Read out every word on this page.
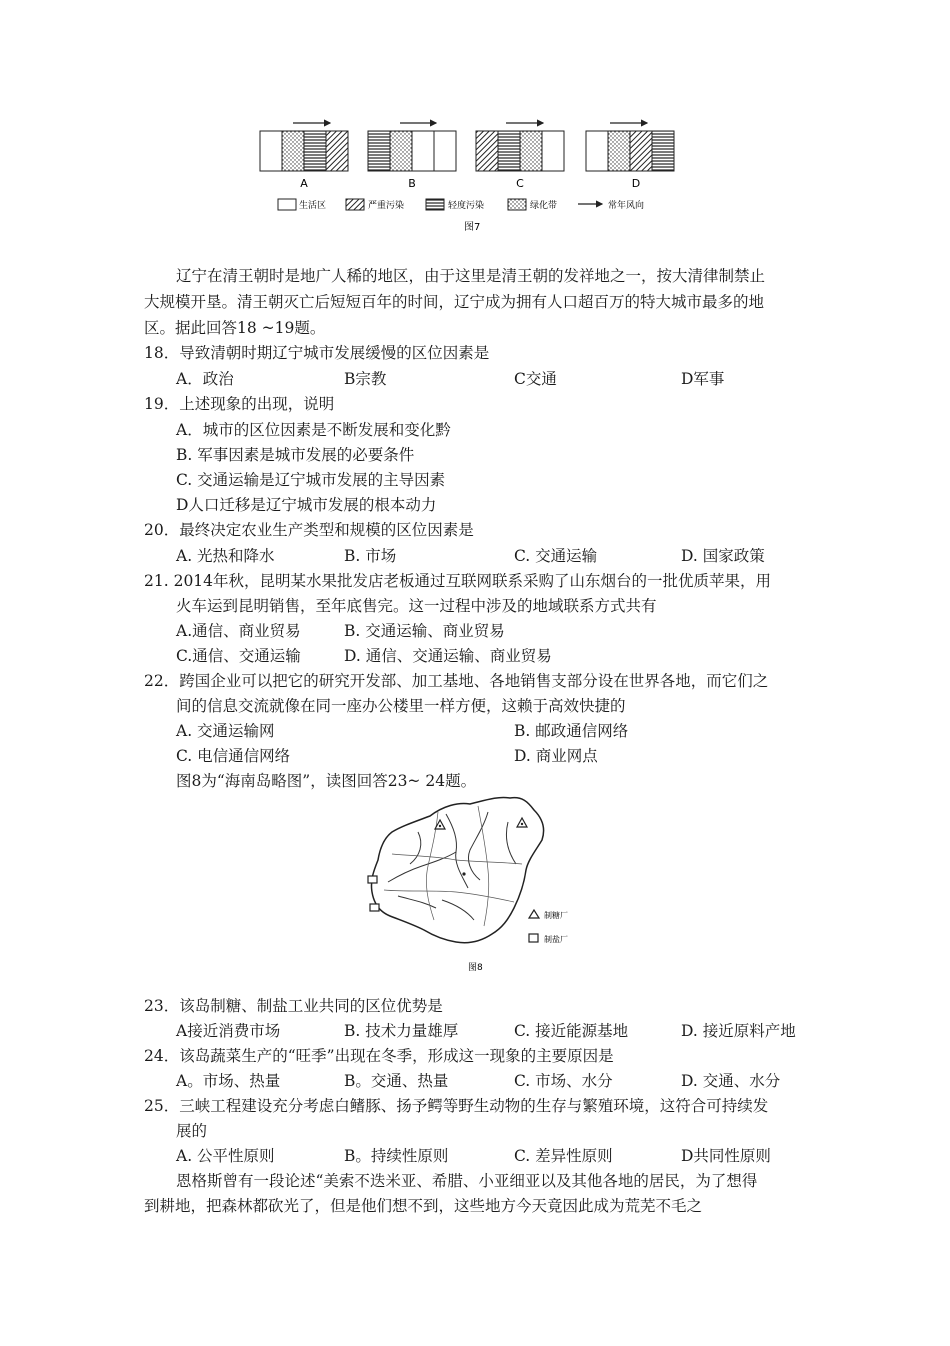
A	B	C	D
生活区	严重污染	轻度污染	绿化带	常年风向
图7
辽宁在清王朝时是地广人稀的地区，由于这里是清王朝的发祥地之一，按大清律制禁止
大规模开垦。清王朝灭亡后短短百年的时间，辽宁成为拥有人口超百万的特大城市最多的地
区。据此回答18 ~19题。
18．导致清朝时期辽宁城市发展缓慢的区位因素是
A．政治	B宗教	C交通	D军事
19．上述现象的出现，说明
A．城市的区位因素是不断发展和变化黔
B. 军事因素是城市发展的必要条件
C. 交通运输是辽宁城市发展的主导因素
D人口迁移是辽宁城市发展的根本动力
20．最终决定农业生产类型和规模的区位因素是
A. 光热和降水	B. 市场	C. 交通运输	D. 国家政策
21. 2014年秋，昆明某水果批发店老板通过互联网联系采购了山东烟台的一批优质苹果，用
火车运到昆明销售，至年底售完。这一过程中涉及的地域联系方式共有
A.通信、商业贸易	B. 交通运输、商业贸易
C.通信、交通运输	D. 通信、交通运输、商业贸易
22．跨国企业可以把它的研究开发部、加工基地、各地销售支部分设在世界各地，而它们之
间的信息交流就像在同一座办公楼里一样方便，这赖于高效快捷的
A. 交通运输网	B. 邮政通信网络
C. 电信通信网络	D. 商业网点
图8为“海南岛略图”，读图回答23~ 24题。
制糖厂
制盐厂
图8
23．该岛制糖、制盐工业共同的区位优势是
A接近消费市场	B. 技术力量雄厚	C. 接近能源基地	D. 接近原料产地
24．该岛蔬菜生产的“旺季”出现在冬季，形成这一现象的主要原因是
A。市场、热量	B。交通、热量	C. 市场、水分	D. 交通、水分
25．三峡工程建设充分考虑白鳍豚、扬予鳄等野生动物的生存与繁殖环境，这符合可持续发
展的
A. 公平性原则	B。持续性原则	C. 差异性原则	D共同性原则
恩格斯曾有一段论述“美索不迭米亚、希腊、小亚细亚以及其他各地的居民，为了想得
到耕地，把森林都砍光了，但是他们想不到，这些地方今天竟因此成为荒芜不毛之
